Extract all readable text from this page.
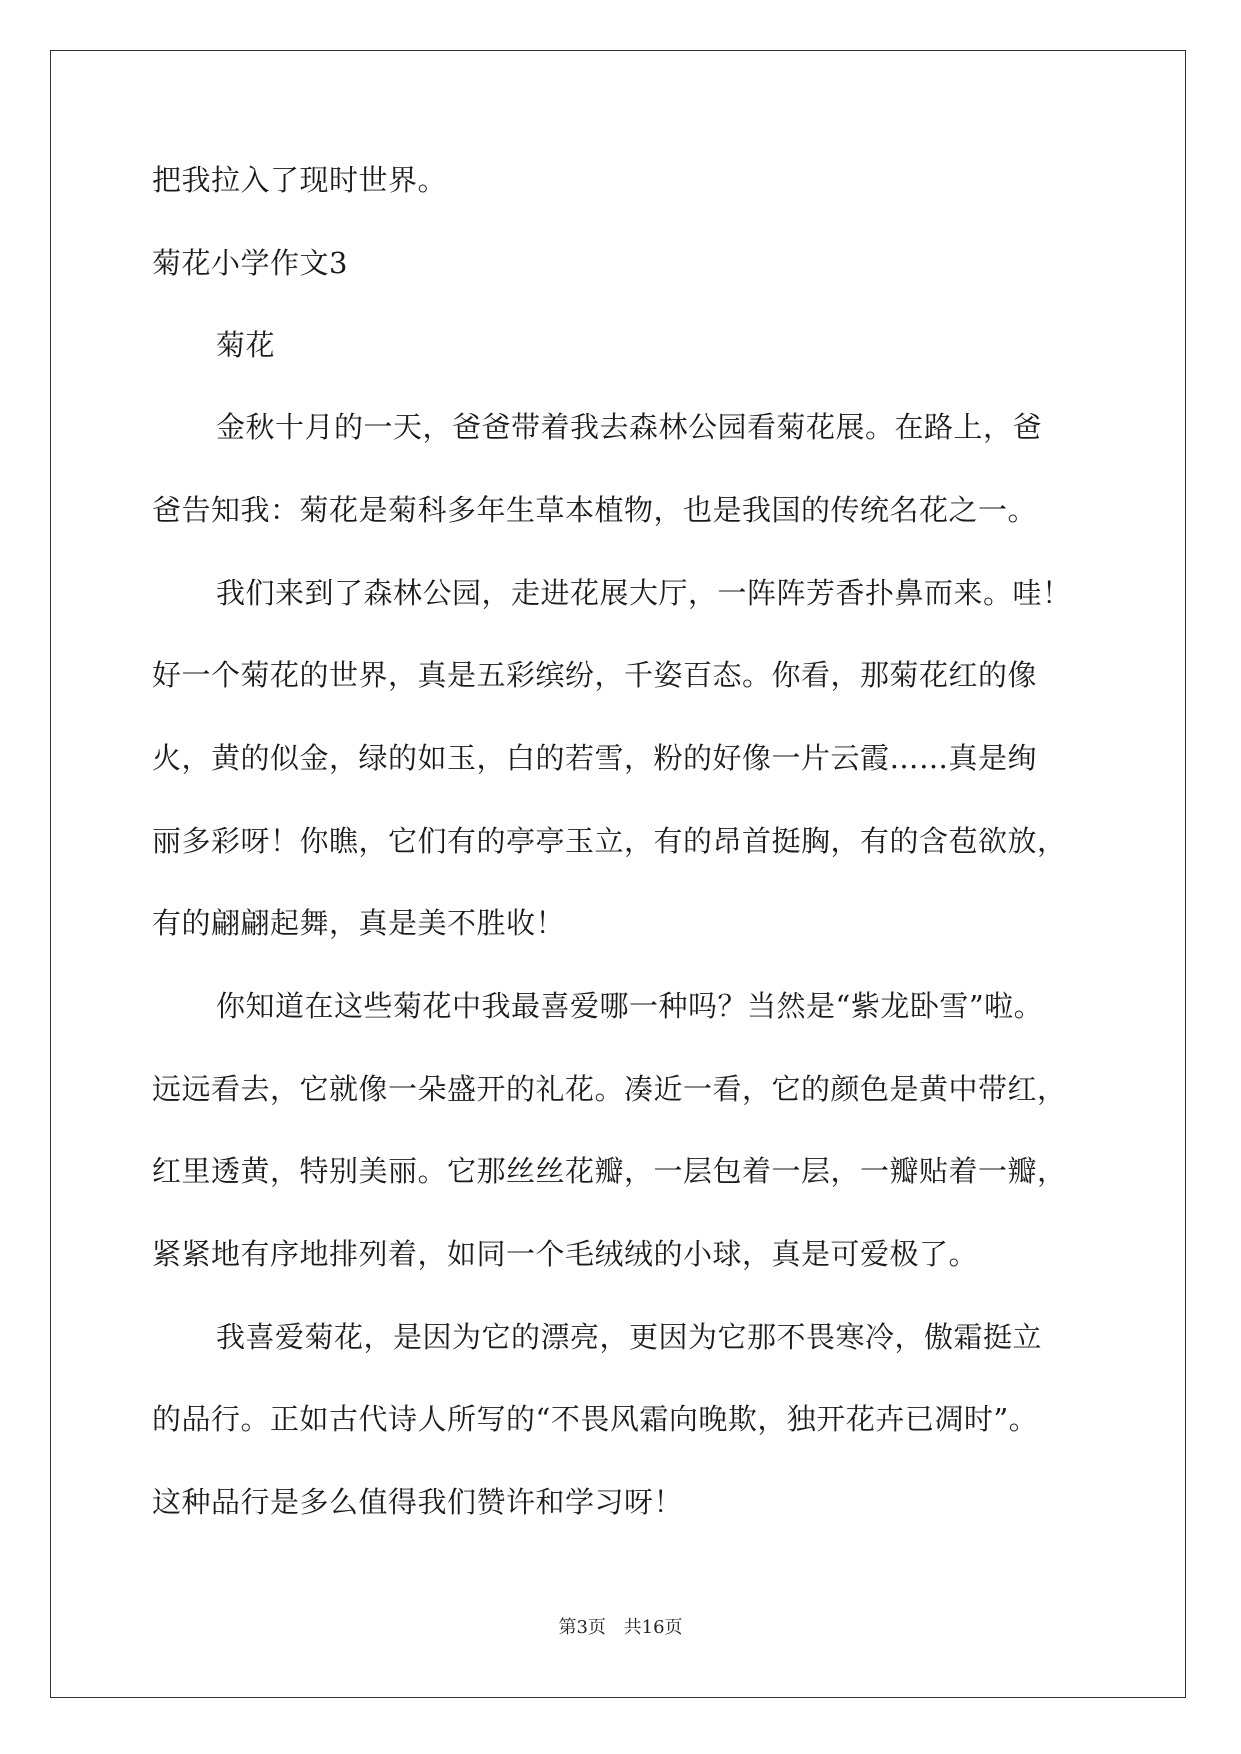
把我拉入了现时世界。
菊花小学作文3
菊花
金秋十月的一天，爸爸带着我去森林公园看菊花展。在路上，爸
爸告知我：菊花是菊科多年生草本植物，也是我国的传统名花之一。
我们来到了森林公园，走进花展大厅，一阵阵芳香扑鼻而来。哇！
好一个菊花的世界，真是五彩缤纷，千姿百态。你看，那菊花红的像
火，黄的似金，绿的如玉，白的若雪，粉的好像一片云霞……真是绚
丽多彩呀！你瞧，它们有的亭亭玉立，有的昂首挺胸，有的含苞欲放，
有的翩翩起舞，真是美不胜收！
你知道在这些菊花中我最喜爱哪一种吗？当然是“紫龙卧雪”啦。
远远看去，它就像一朵盛开的礼花。凑近一看，它的颜色是黄中带红，
红里透黄，特别美丽。它那丝丝花瓣，一层包着一层，一瓣贴着一瓣，
紧紧地有序地排列着，如同一个毛绒绒的小球，真是可爱极了。
我喜爱菊花，是因为它的漂亮，更因为它那不畏寒冷，傲霜挺立
的品行。正如古代诗人所写的“不畏风霜向晚欺，独开花卉已凋时”。
这种品行是多么值得我们赞许和学习呀！
第3页 共16页
